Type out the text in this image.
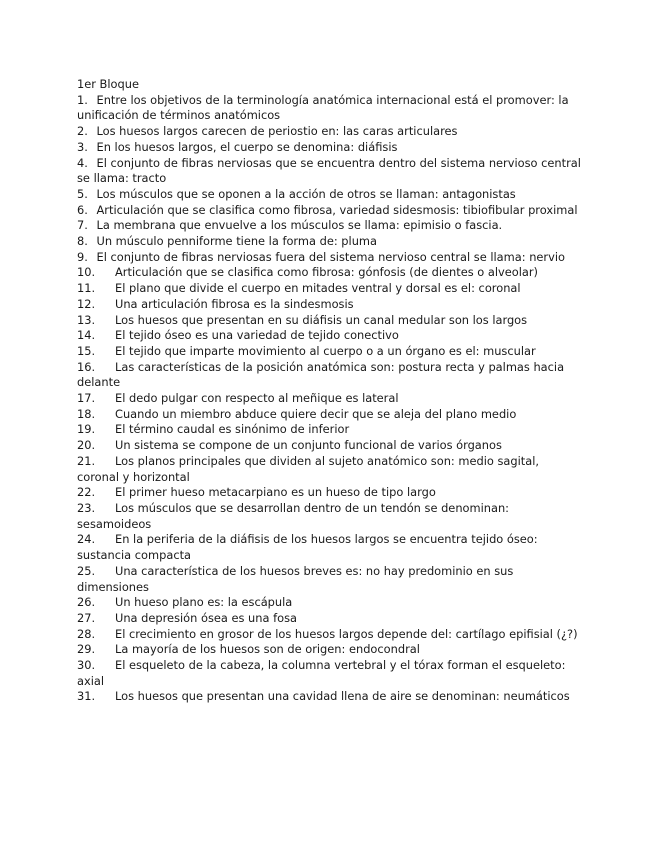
1er Bloque
1. Entre los objetivos de la terminología anatómica internacional está el promover: la unificación de términos anatómicos
2. Los huesos largos carecen de periostio en: las caras articulares
3. En los huesos largos, el cuerpo se denomina: diáfisis
4. El conjunto de fibras nerviosas que se encuentra dentro del sistema nervioso central se llama: tracto
5. Los músculos que se oponen a la acción de otros se llaman: antagonistas
6. Articulación que se clasifica como fibrosa, variedad sidesmosis: tibiofibular proximal
7. La membrana que envuelve a los músculos se llama: epimisio o fascia.
8. Un músculo penniforme tiene la forma de: pluma
9. El conjunto de fibras nerviosas fuera del sistema nervioso central se llama: nervio
10. Articulación que se clasifica como fibrosa: gónfosis (de dientes o alveolar)
11. El plano que divide el cuerpo en mitades ventral y dorsal es el: coronal
12. Una articulación fibrosa es la sindesmosis
13. Los huesos que presentan en su diáfisis un canal medular son los largos
14. El tejido óseo es una variedad de tejido conectivo
15. El tejido que imparte movimiento al cuerpo o a un órgano es el: muscular
16. Las características de la posición anatómica son: postura recta y palmas hacia delante
17. El dedo pulgar con respecto al meñique es lateral
18. Cuando un miembro abduce quiere decir que se aleja del plano medio
19. El término caudal es sinónimo de inferior
20. Un sistema se compone de un conjunto funcional de varios órganos
21. Los planos principales que dividen al sujeto anatómico son: medio sagital, coronal y horizontal
22. El primer hueso metacarpiano es un hueso de tipo largo
23. Los músculos que se desarrollan dentro de un tendón se denominan: sesamoideos
24. En la periferia de la diáfisis de los huesos largos se encuentra tejido óseo: sustancia compacta
25. Una característica de los huesos breves es: no hay predominio en sus dimensiones
26. Un hueso plano es: la escápula
27. Una depresión ósea es una fosa
28. El crecimiento en grosor de los huesos largos depende del: cartílago epifisial (¿?)
29. La mayoría de los huesos son de origen: endocondral
30. El esqueleto de la cabeza, la columna vertebral y el tórax forman el esqueleto: axial
31. Los huesos que presentan una cavidad llena de aire se denominan: neumáticos
